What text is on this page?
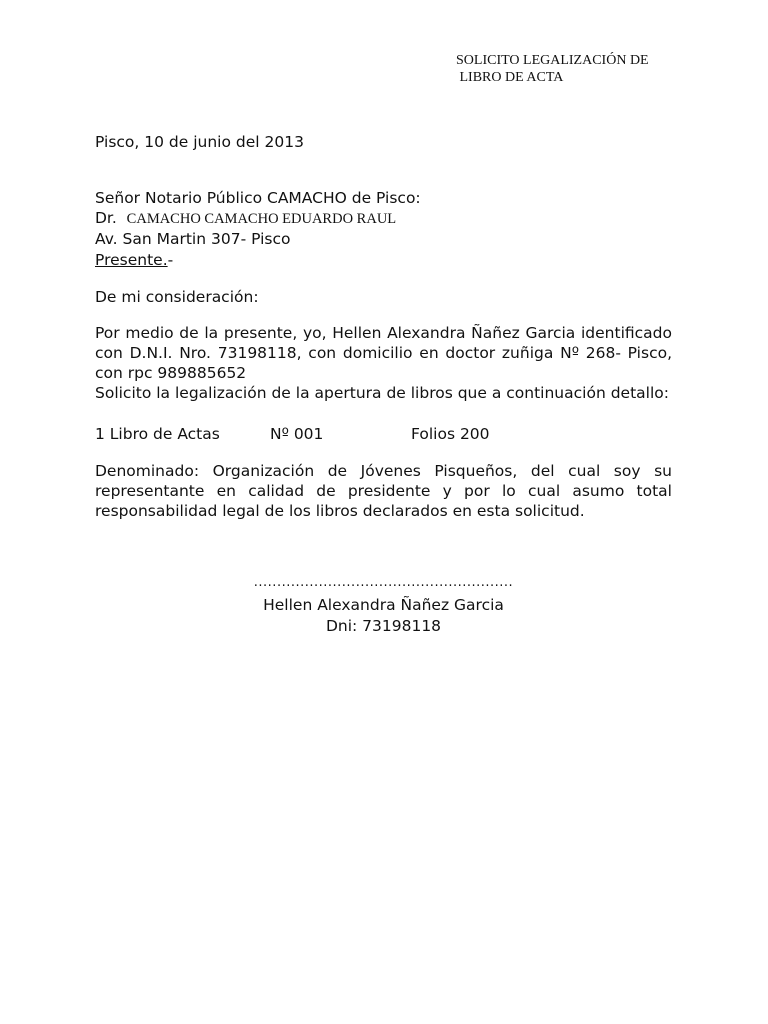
SOLICITO LEGALIZACIÓN DE
LIBRO DE ACTA
Pisco, 10 de junio del 2013
Señor Notario Público CAMACHO de Pisco:
Dr. CAMACHO CAMACHO EDUARDO RAUL
Av. San Martin 307- Pisco
Presente.-
De mi consideración:
Por medio de la presente, yo, Hellen Alexandra Ñañez Garcia identificado
con D.N.I. Nro. 73198118, con domicilio en doctor zuñiga Nº 268- Pisco,
con rpc 989885652
Solicito la legalización de la apertura de libros que a continuación detallo:
1 Libro de Actas	Nº 001	Folios 200
Denominado: Organización de Jóvenes Pisqueños, del cual soy su
representante en calidad de presidente y por lo cual asumo total
responsabilidad legal de los libros declarados en esta solicitud.
........................................................
Hellen Alexandra Ñañez Garcia
Dni: 73198118
